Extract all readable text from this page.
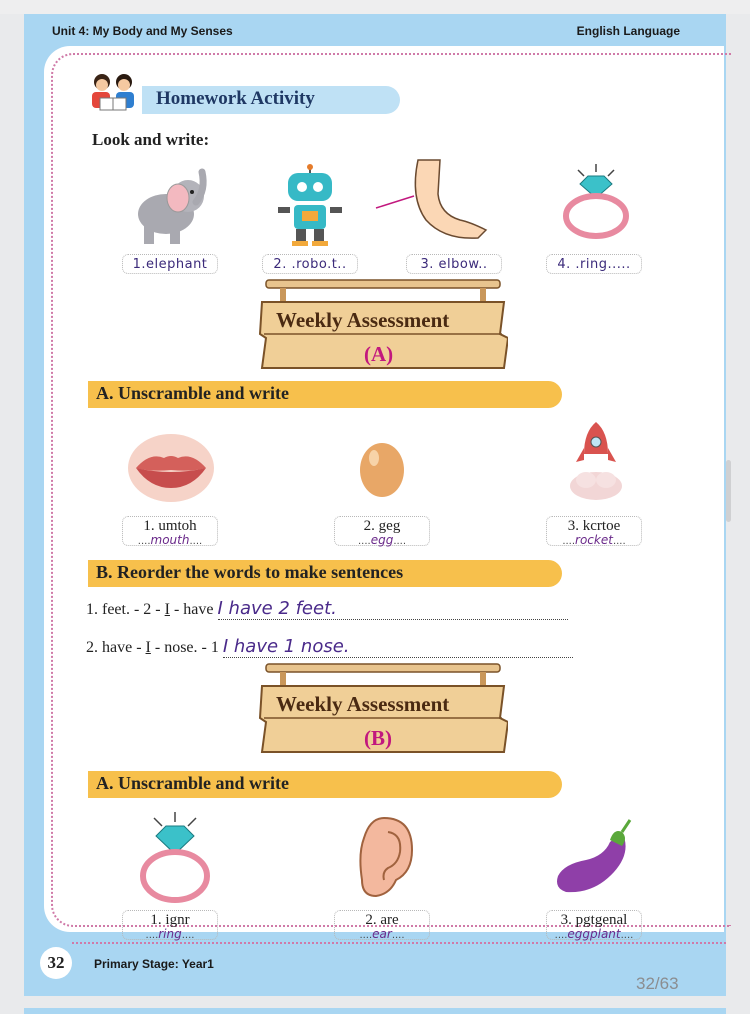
Unit 4: My Body and My Senses	English Language
Homework Activity
Look and write:
1.elephant	2. .robo.t..	3. elbow..	4. .ring.....
Weekly Assessment
(A)
A. Unscramble and write
1. umtoh
.... mouth ....
2. geg
.... egg ....
3. kcrtoe
.... rocket ....
B. Reorder the words to make sentences
1. feet. - 2 - I - have I have 2 feet.
2. have - I - nose. - 1 I have 1 nose.
Weekly Assessment
(B)
A. Unscramble and write
1. ignr
.... ring ....
2. are
.... ear ....
3. pgtgenal
.... eggplant ....
32	Primary Stage: Year1
32/63
